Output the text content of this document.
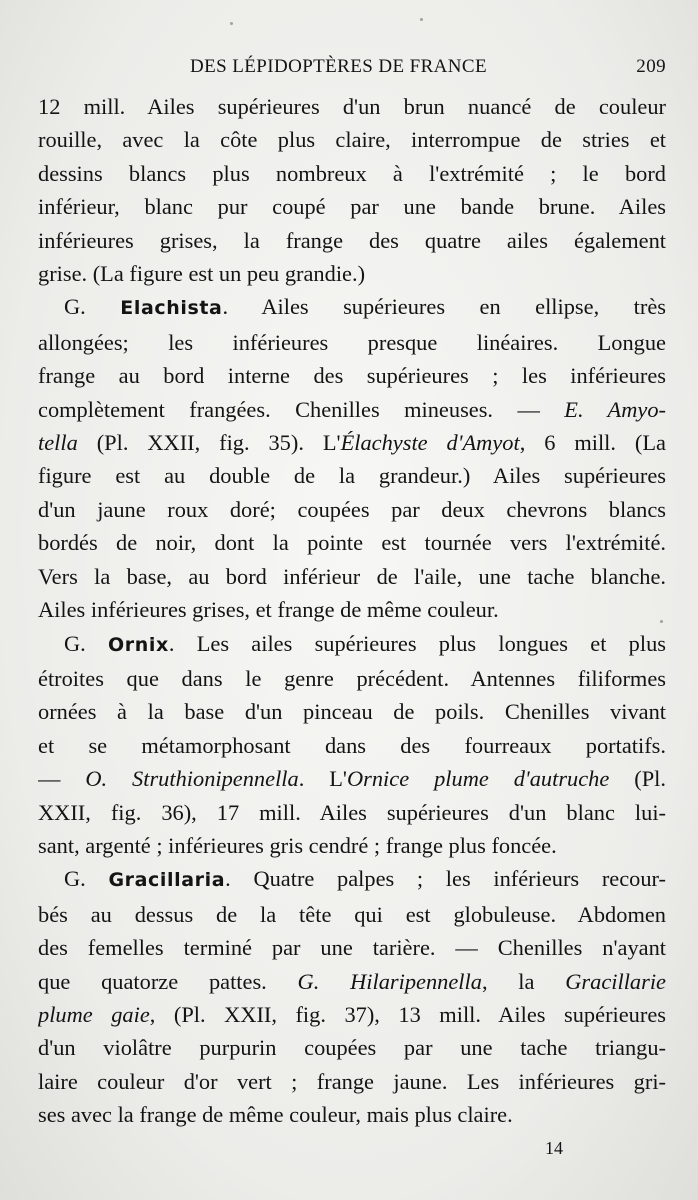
DES LÉPIDOPTÈRES DE FRANCE	209
12 mill. Ailes supérieures d'un brun nuancé de couleur
rouille, avec la côte plus claire, interrompue de stries et
dessins blancs plus nombreux à l'extrémité ; le bord
inférieur, blanc pur coupé par une bande brune. Ailes
inférieures grises, la frange des quatre ailes également
grise. (La figure est un peu grandie.)
G. Elachista. Ailes supérieures en ellipse, très
allongées; les inférieures presque linéaires. Longue
frange au bord interne des supérieures ; les inférieures
complètement frangées. Chenilles mineuses. — E. Amyo-
tella (Pl. XXII, fig. 35). L'Élachyste d'Amyot, 6 mill. (La
figure est au double de la grandeur.) Ailes supérieures
d'un jaune roux doré; coupées par deux chevrons blancs
bordés de noir, dont la pointe est tournée vers l'extrémité.
Vers la base, au bord inférieur de l'aile, une tache blanche.
Ailes inférieures grises, et frange de même couleur.
G. Ornix. Les ailes supérieures plus longues et plus
étroites que dans le genre précédent. Antennes filiformes
ornées à la base d'un pinceau de poils. Chenilles vivant
et se métamorphosant dans des fourreaux portatifs.
— O. Struthionipennella. L'Ornice plume d'autruche (Pl.
XXII, fig. 36), 17 mill. Ailes supérieures d'un blanc lui-
sant, argenté ; inférieures gris cendré ; frange plus foncée.
G. Gracillaria. Quatre palpes ; les inférieurs recour-
bés au dessus de la tête qui est globuleuse. Abdomen
des femelles terminé par une tarière. — Chenilles n'ayant
que quatorze pattes. G. Hilaripennella, la Gracillarie
plume gaie, (Pl. XXII, fig. 37), 13 mill. Ailes supérieures
d'un violâtre purpurin coupées par une tache triangu-
laire couleur d'or vert ; frange jaune. Les inférieures gri-
ses avec la frange de même couleur, mais plus claire.
14
